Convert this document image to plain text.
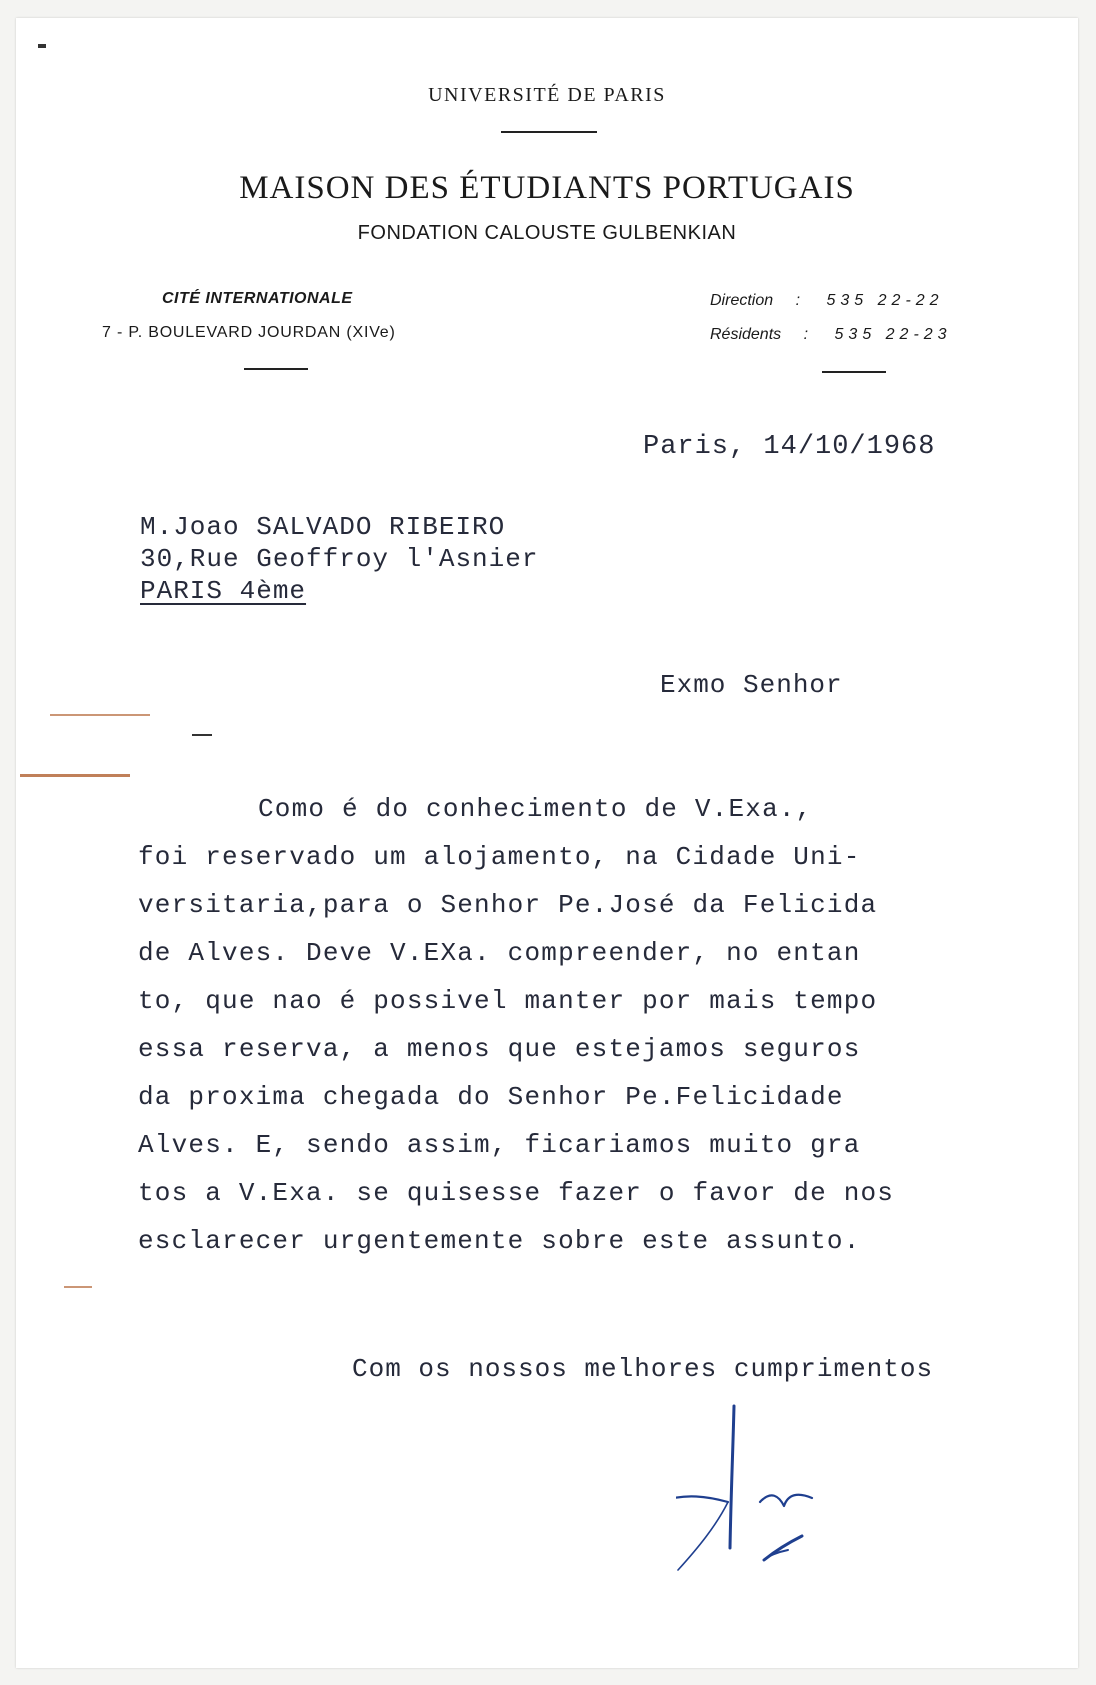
UNIVERSITÉ DE PARIS
MAISON DES ÉTUDIANTS PORTUGAIS
FONDATION CALOUSTE GULBENKIAN
CITÉ INTERNATIONALE
7 - P. BOULEVARD JOURDAN (XIVe)
Direction : 535 22-22
Résidents : 535 22-23
Paris, 14/10/1968
M.Joao SALVADO RIBEIRO
30,Rue Geoffroy l'Asnier
PARIS 4ème
Exmo Senhor
Como é do conhecimento de V.Exa.,
foi reservado um alojamento, na Cidade Uni-
versitaria,para o Senhor Pe.José da Felicida
de Alves. Deve V.EXa. compreender, no entan
to, que nao é possivel manter por mais tempo
essa reserva, a menos que estejamos seguros
da proxima chegada do Senhor Pe.Felicidade
Alves. E, sendo assim, ficariamos muito gra
tos a V.Exa. se quisesse fazer o favor de nos
esclarecer urgentemente sobre este assunto.
Com os nossos melhores cumprimentos
